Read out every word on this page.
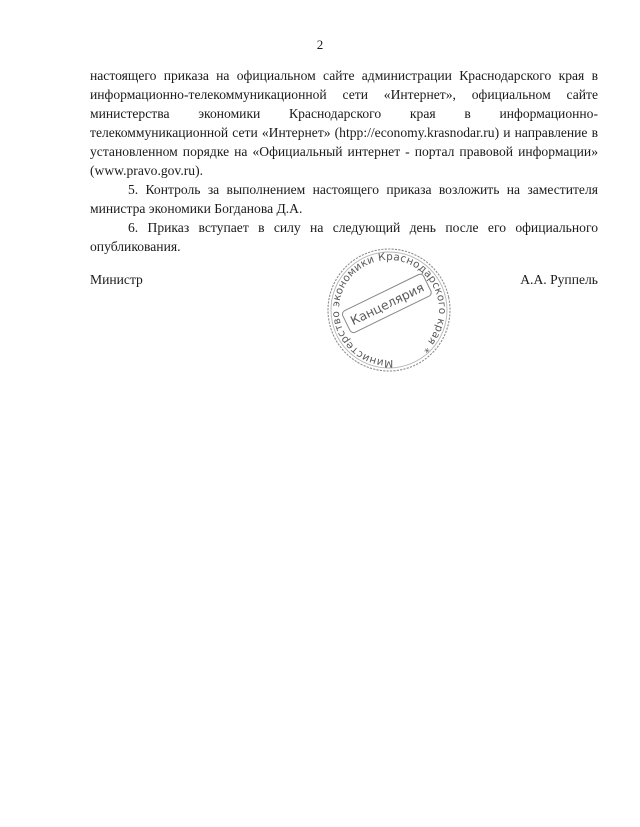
2

настоящего приказа на официальном сайте администрации Краснодарского края в информационно-телекоммуникационной сети «Интернет», официальном сайте министерства экономики Краснодарского края в информационно-телекоммуникационной сети «Интернет» (htpp://economy.krasnodar.ru) и направление в установленном порядке на «Официальный интернет - портал правовой информации» (www.pravo.gov.ru).

5. Контроль за выполнением настоящего приказа возложить на заместителя министра экономики Богданова Д.А.

6. Приказ вступает в силу на следующий день после его официального опубликования.

Министр	А.А. Руппель
Министерство экономики Краснодарского края *
Канцелярия
